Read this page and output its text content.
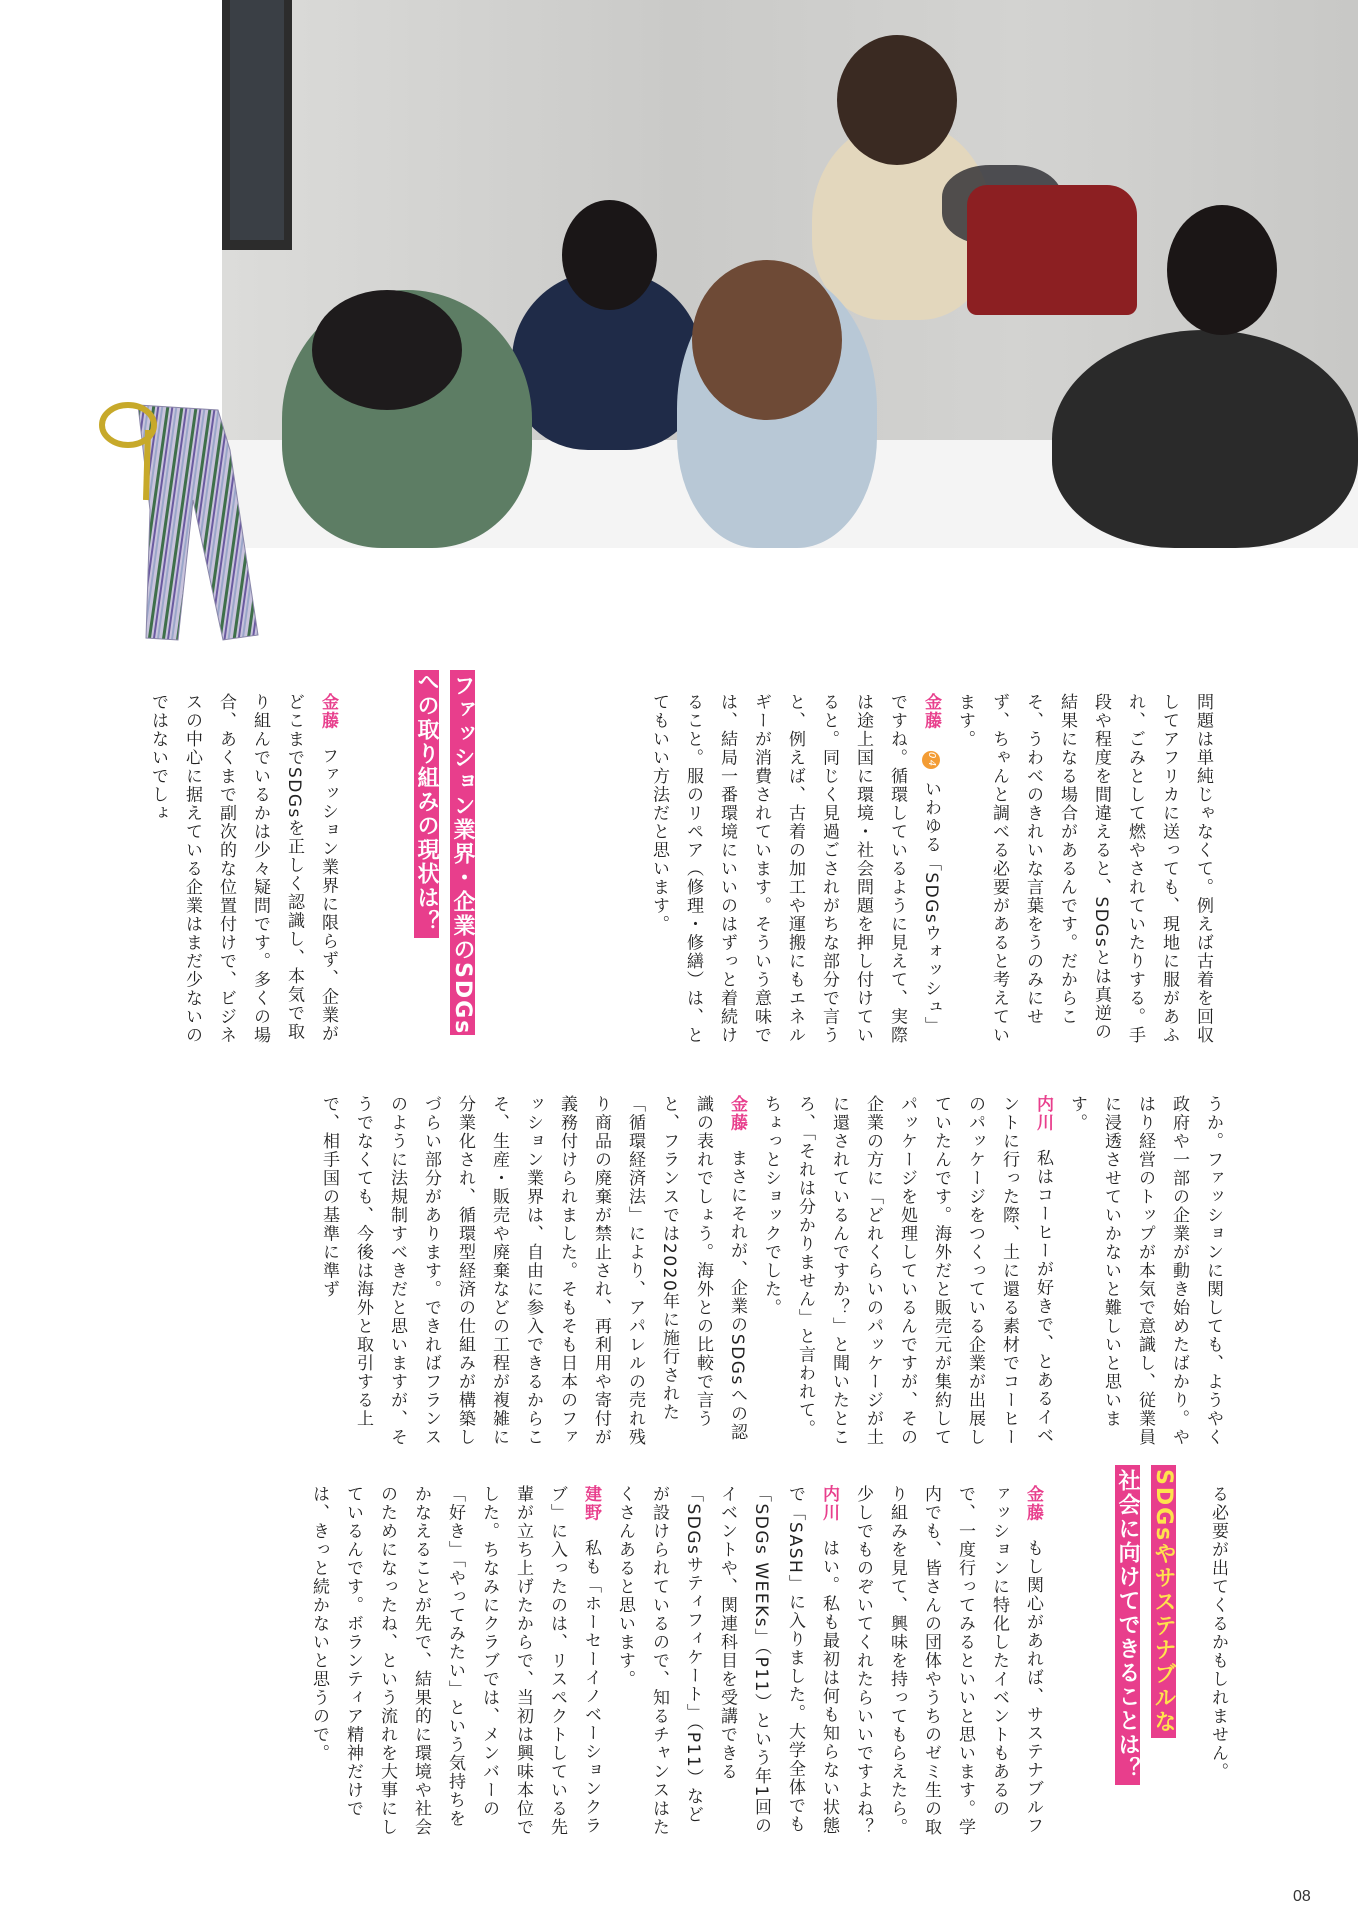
問題は単純じゃなくて。例えば古着を回収してアフリカに送っても、現地に服があふれ、ごみとして燃やされていたりする。手段や程度を間違えると、SDGsとは真逆の結果になる場合があるんです。だからこそ、うわべのきれいな言葉をうのみにせず、ちゃんと調べる必要があると考えています。
金藤 04 いわゆる「SDGsウォッシュ」ですね。循環しているように見えて、実際は途上国に環境・社会問題を押し付けていると。同じく見過ごされがちな部分で言うと、例えば、古着の加工や運搬にもエネルギーが消費されています。そういう意味では、結局一番環境にいいのはずっと着続けること。服のリペア（修理・修繕）は、とてもいい方法だと思います。
ファッション業界・企業のSDGsへの取り組みの現状は？
金藤 ファッション業界に限らず、企業がどこまでSDGsを正しく認識し、本気で取り組んでいるかは少々疑問です。多くの場合、あくまで副次的な位置付けで、ビジネスの中心に据えている企業はまだ少ないのではないでしょ
うか。ファッションに関しても、ようやく政府や一部の企業が動き始めたばかり。やはり経営のトップが本気で意識し、従業員に浸透させていかないと難しいと思います。
内川 私はコーヒーが好きで、とあるイベントに行った際、土に還る素材でコーヒーのパッケージをつくっている企業が出展していたんです。海外だと販売元が集約してパッケージを処理しているんですが、その企業の方に「どれくらいのパッケージが土に還されているんですか？」と聞いたところ、「それは分かりません」と言われて。ちょっとショックでした。
金藤 まさにそれが、企業のSDGsへの認識の表れでしょう。海外との比較で言うと、フランスでは2020年に施行された「循環経済法」により、アパレルの売れ残り商品の廃棄が禁止され、再利用や寄付が義務付けられました。そもそも日本のファッション業界は、自由に参入できるからこそ、生産・販売や廃棄などの工程が複雑に分業化され、循環型経済の仕組みが構築しづらい部分があります。できればフランスのように法規制すべきだと思いますが、そうでなくても、今後は海外と取引する上で、相手国の基準に準ず
る必要が出てくるかもしれません。
SDGsやサステナブルな
社会に向けてできることは？
金藤 もし関心があれば、サステナブルファッションに特化したイベントもあるので、一度行ってみるといいと思います。学内でも、皆さんの団体やうちのゼミ生の取り組みを見て、興味を持ってもらえたら。少しでものぞいてくれたらいいですよね？
内川 はい。私も最初は何も知らない状態で「SASH」に入りました。大学全体でも「SDGs WEEKs」（P11）という年1回のイベントや、関連科目を受講できる「SDGsサティフィケート」（P11）などが設けられているので、知るチャンスはたくさんあると思います。
建野 私も「ホーセーイノベーションクラブ」に入ったのは、リスペクトしている先輩が立ち上げたからで、当初は興味本位でした。ちなみにクラブでは、メンバーの「好き」「やってみたい」という気持ちをかなえることが先で、結果的に環境や社会のためになったね、という流れを大事にしているんです。ボランティア精神だけでは、きっと続かないと思うので。
08
